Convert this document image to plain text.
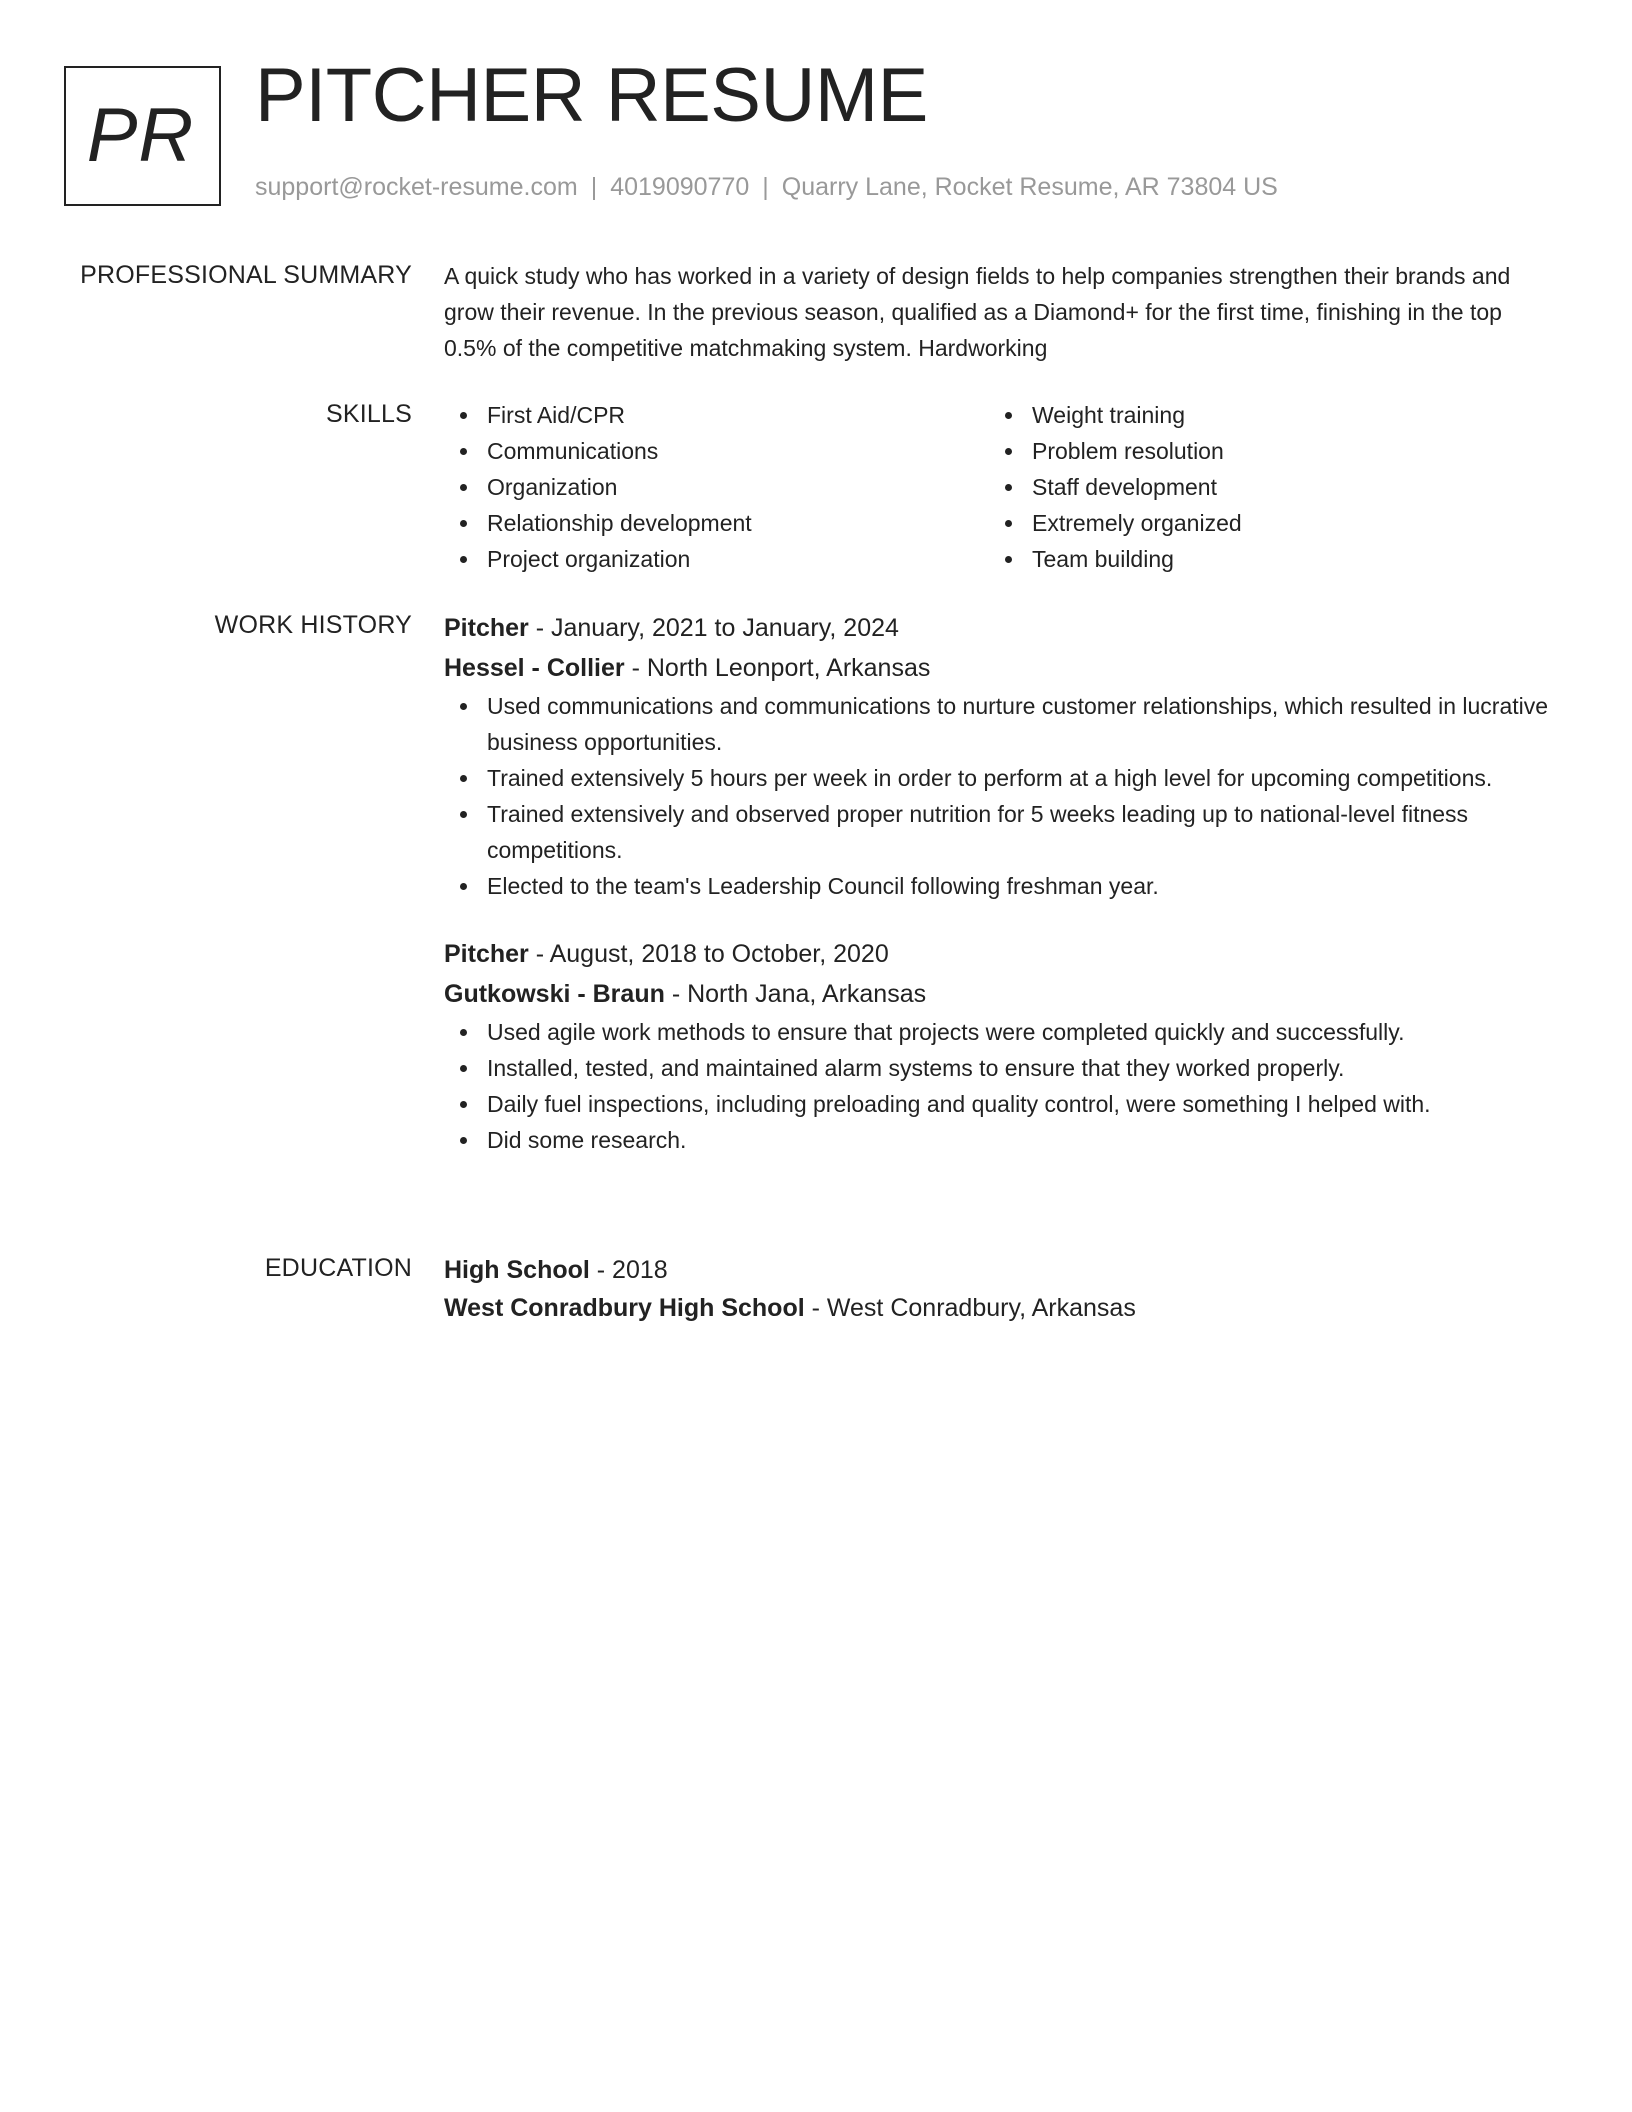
PR PITCHER RESUME
support@rocket-resume.com | 4019090770 | Quarry Lane, Rocket Resume, AR 73804 US
PROFESSIONAL SUMMARY A quick study who has worked in a variety of design fields to help companies strengthen their brands and grow their revenue. In the previous season, qualified as a Diamond+ for the first time, finishing in the top 0.5% of the competitive matchmaking system. Hardworking

SKILLS	First Aid/CPR
Communications
Organization
Relationship development
Project organization
Weight training
Problem resolution
Staff development
Extremely organized
Team building
WORK HISTORY Pitcher - January, 2021 to January, 2024
Hessel - Collier - North Leonport, Arkansas
Used communications and communications to nurture customer relationships, which resulted in lucrative business opportunities.
Trained extensively 5 hours per week in order to perform at a high level for upcoming competitions.
Trained extensively and observed proper nutrition for 5 weeks leading up to national-level fitness competitions.
Elected to the team's Leadership Council following freshman year.
Pitcher - August, 2018 to October, 2020
Gutkowski - Braun - North Jana, Arkansas
Used agile work methods to ensure that projects were completed quickly and successfully.
Installed, tested, and maintained alarm systems to ensure that they worked properly.
Daily fuel inspections, including preloading and quality control, were something I helped with.
Did some research.
EDUCATION High School - 2018
West Conradbury High School - West Conradbury, Arkansas
